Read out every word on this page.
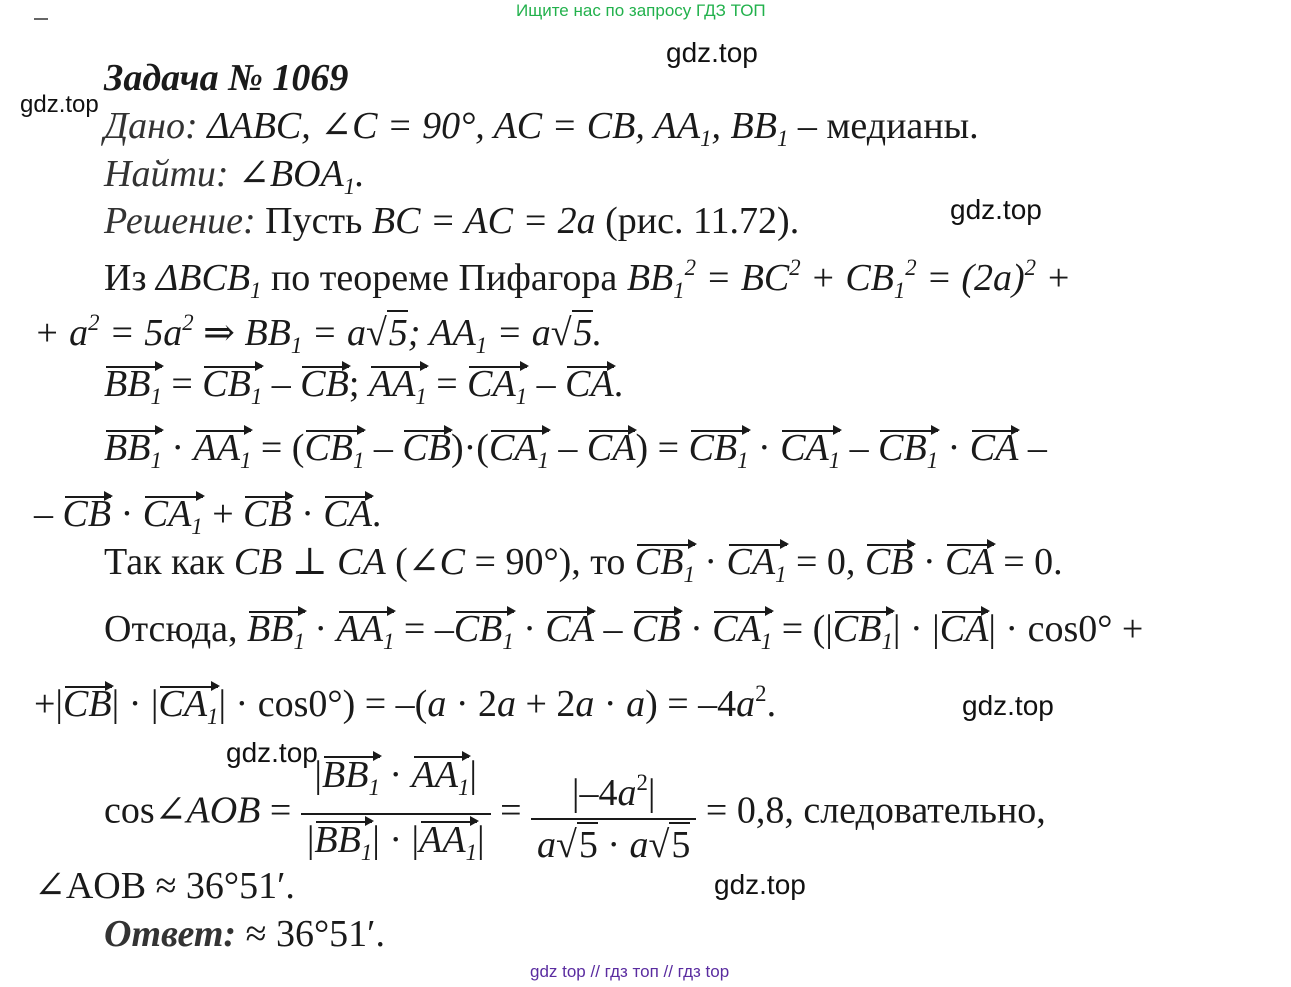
Ищите нас по запросу ГДЗ ТОП
gdz.top
gdz.top
gdz.top
gdz.top
gdz.top
gdz.top
Задача № 1069
Дано: ΔABC, ∠C = 90°, AC = CB, $AA_1$, $BB_1$ – медианы.
Найти: $\angle BOA_1$.
Решение: Пусть BC = AC = 2a (рис. 11.72).
Из $\Delta BCB_1$ по теореме Пифагора $BB_1^2 = BC^2 + CB_1^2 = (2a)^2$ +
+ $a^2 = 5a^2$ ⇒ $BB_1 = a√5$; $AA_1 = a√5$.
$BB_1 = CB_1$ – CB; $AA_1 = CA_1$ – CA.
$BB_1 \cdot AA_1 = (CB_1 - CB)\cdot(CA_1 - CA) = CB_1 \cdot CA_1 - CB_1$ · CA –
– CB · $CA_1$ + CB · CA.
Так как CB ⊥ CA (∠C = 90°), то $CB_1 \cdot CA_1 = 0$, CB · CA = 0.
Отсюда, $BB_1 \cdot AA_1 = -CB_1$ · CA – CB · $CA_1 = (|CB_1| \cdot |CA| \cdot \cos 0^\circ$ +
$+|CB| \cdot |CA_1| \cdot \cos 0^\circ) = -(a \cdot 2a + 2a \cdot a) = -4a^2$.
cos∠AOB = $\frac{|BB_1 \cdot AA_1|}{|BB_1| \cdot |AA_1|} = \frac{|-4a^2|}{a√5 \cdot a√5} = 0,8$, следовательно,
∠AOB ≈ 36°51′.
Ответ: ≈ 36°51′.
gdz top // гдз топ // гдз top
